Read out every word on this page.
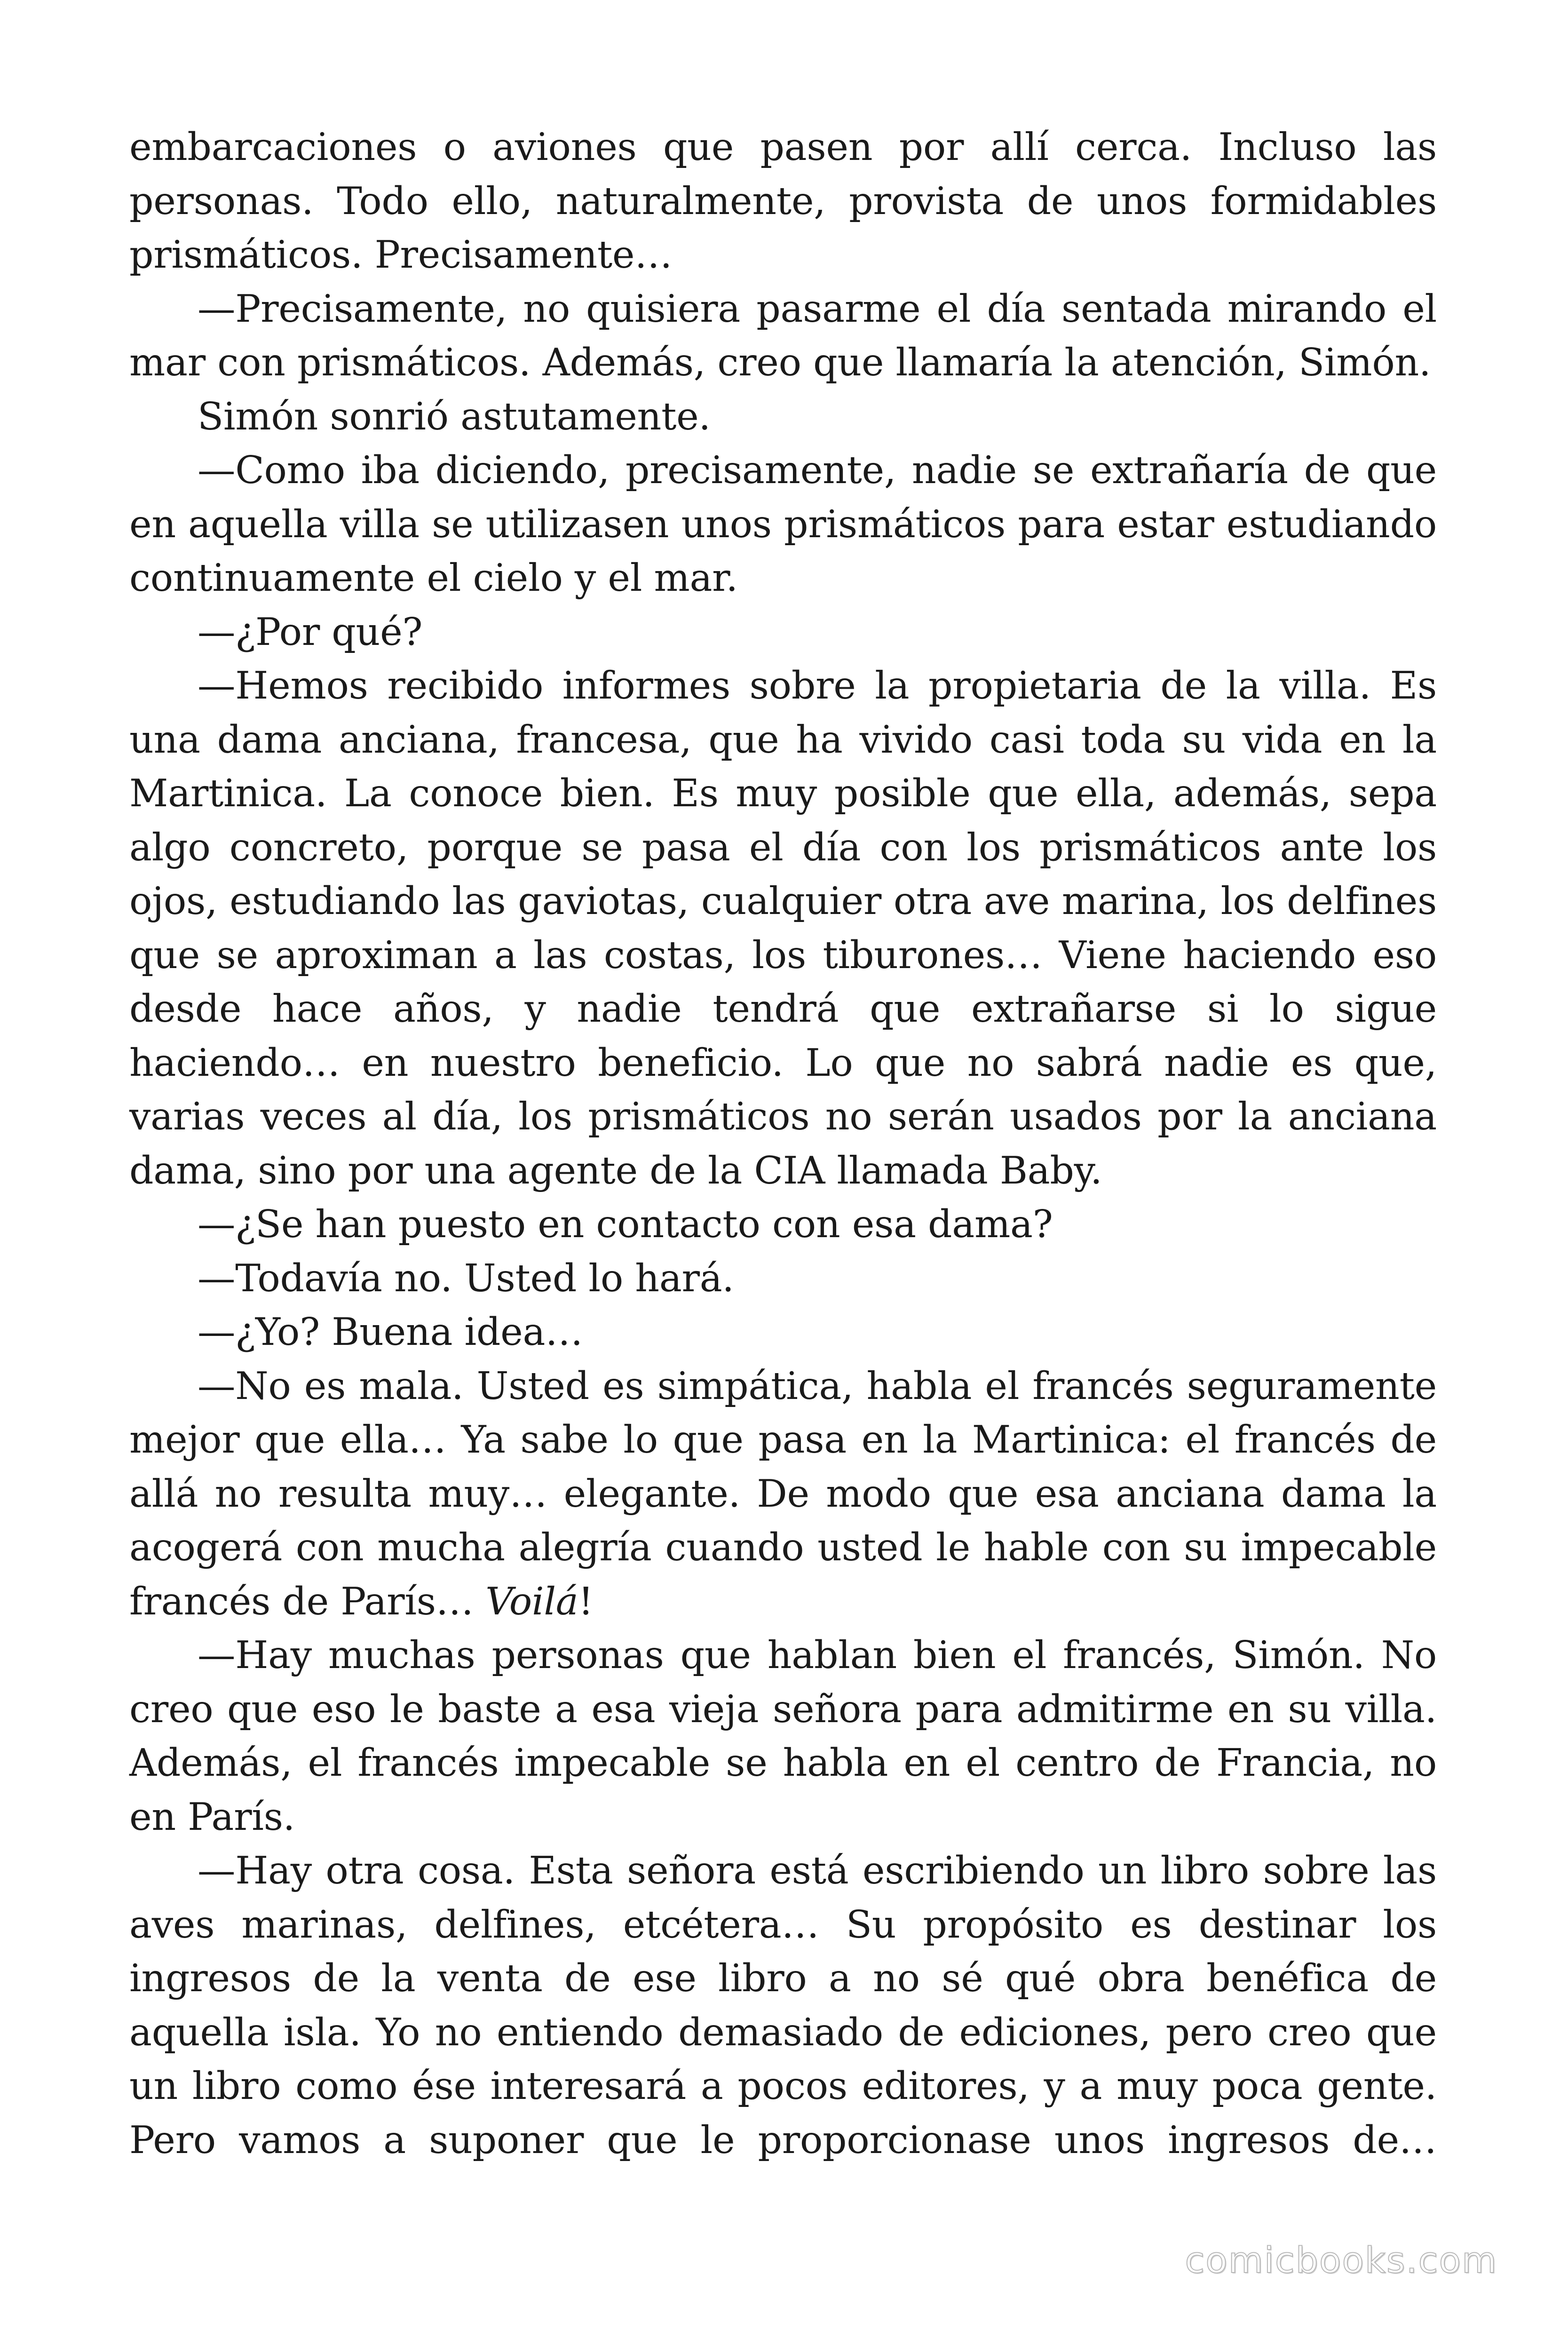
embarcaciones o aviones que pasen por allí cerca. Incluso las personas. Todo ello, naturalmente, provista de unos formidables prismáticos. Precisamente…

—Precisamente, no quisiera pasarme el día sentada mirando el mar con prismáticos. Además, creo que llamaría la atención, Simón.

Simón sonrió astutamente.

—Como iba diciendo, precisamente, nadie se extrañaría de que en aquella villa se utilizasen unos prismáticos para estar estudiando continuamente el cielo y el mar.

—¿Por qué?

—Hemos recibido informes sobre la propietaria de la villa. Es una dama anciana, francesa, que ha vivido casi toda su vida en la Martinica. La conoce bien. Es muy posible que ella, además, sepa algo concreto, porque se pasa el día con los prismáticos ante los ojos, estudiando las gaviotas, cualquier otra ave marina, los delfines que se aproximan a las costas, los tiburones… Viene haciendo eso desde hace años, y nadie tendrá que extrañarse si lo sigue haciendo… en nuestro beneficio. Lo que no sabrá nadie es que, varias veces al día, los prismáticos no serán usados por la anciana dama, sino por una agente de la CIA llamada Baby.

—¿Se han puesto en contacto con esa dama?

—Todavía no. Usted lo hará.

—¿Yo? Buena idea…

—No es mala. Usted es simpática, habla el francés seguramente mejor que ella… Ya sabe lo que pasa en la Martinica: el francés de allá no resulta muy… elegante. De modo que esa anciana dama la acogerá con mucha alegría cuando usted le hable con su impecable francés de París… Voilá!

—Hay muchas personas que hablan bien el francés, Simón. No creo que eso le baste a esa vieja señora para admitirme en su villa. Además, el francés impecable se habla en el centro de Francia, no en París.

—Hay otra cosa. Esta señora está escribiendo un libro sobre las aves marinas, delfines, etcétera… Su propósito es destinar los ingresos de la venta de ese libro a no sé qué obra benéfica de aquella isla. Yo no entiendo demasiado de ediciones, pero creo que un libro como ése interesará a pocos editores, y a muy poca gente. Pero vamos a suponer que le proporcionase unos ingresos de…

comicbooks.com
